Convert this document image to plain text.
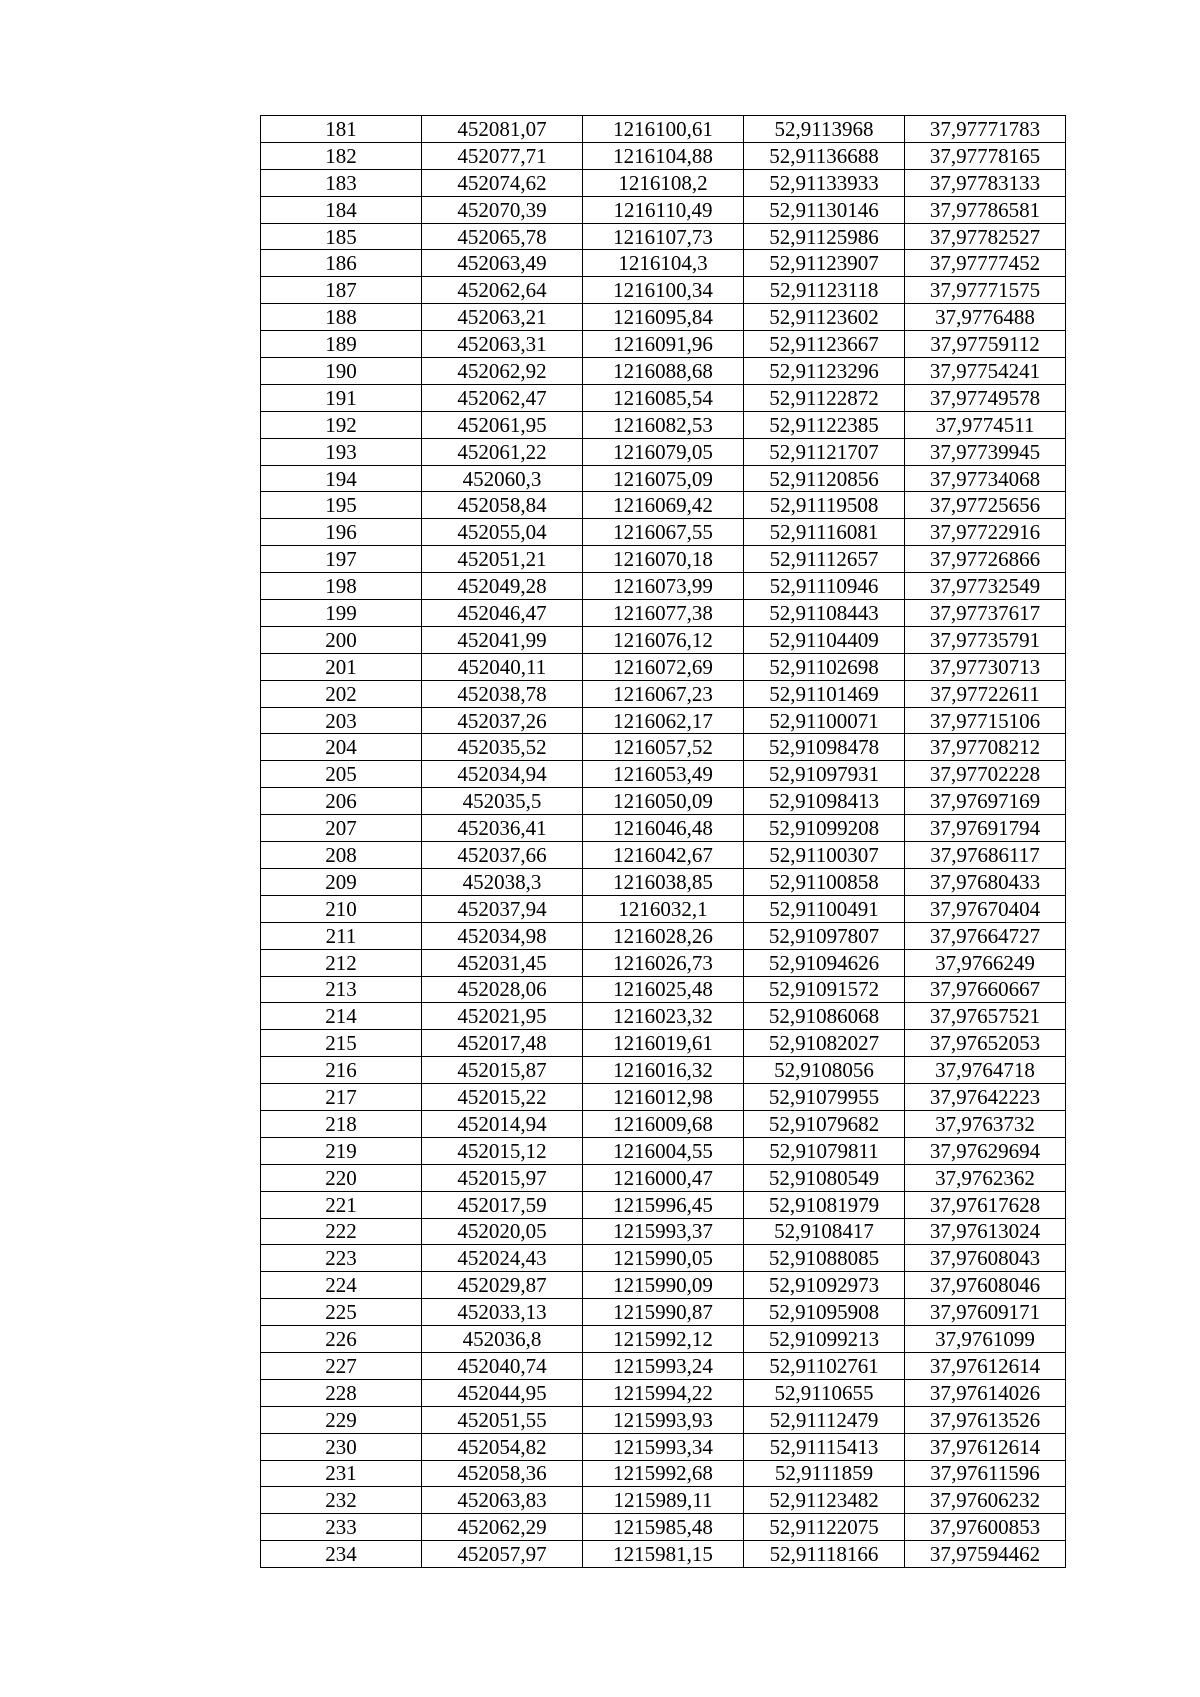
181	452081,07	1216100,61	52,9113968	37,97771783
182	452077,71	1216104,88	52,91136688	37,97778165
183	452074,62	1216108,2	52,91133933	37,97783133
184	452070,39	1216110,49	52,91130146	37,97786581
185	452065,78	1216107,73	52,91125986	37,97782527
186	452063,49	1216104,3	52,91123907	37,97777452
187	452062,64	1216100,34	52,91123118	37,97771575
188	452063,21	1216095,84	52,91123602	37,9776488
189	452063,31	1216091,96	52,91123667	37,97759112
190	452062,92	1216088,68	52,91123296	37,97754241
191	452062,47	1216085,54	52,91122872	37,97749578
192	452061,95	1216082,53	52,91122385	37,9774511
193	452061,22	1216079,05	52,91121707	37,97739945
194	452060,3	1216075,09	52,91120856	37,97734068
195	452058,84	1216069,42	52,91119508	37,97725656
196	452055,04	1216067,55	52,91116081	37,97722916
197	452051,21	1216070,18	52,91112657	37,97726866
198	452049,28	1216073,99	52,91110946	37,97732549
199	452046,47	1216077,38	52,91108443	37,97737617
200	452041,99	1216076,12	52,91104409	37,97735791
201	452040,11	1216072,69	52,91102698	37,97730713
202	452038,78	1216067,23	52,91101469	37,97722611
203	452037,26	1216062,17	52,91100071	37,97715106
204	452035,52	1216057,52	52,91098478	37,97708212
205	452034,94	1216053,49	52,91097931	37,97702228
206	452035,5	1216050,09	52,91098413	37,97697169
207	452036,41	1216046,48	52,91099208	37,97691794
208	452037,66	1216042,67	52,91100307	37,97686117
209	452038,3	1216038,85	52,91100858	37,97680433
210	452037,94	1216032,1	52,91100491	37,97670404
211	452034,98	1216028,26	52,91097807	37,97664727
212	452031,45	1216026,73	52,91094626	37,9766249
213	452028,06	1216025,48	52,91091572	37,97660667
214	452021,95	1216023,32	52,91086068	37,97657521
215	452017,48	1216019,61	52,91082027	37,97652053
216	452015,87	1216016,32	52,9108056	37,9764718
217	452015,22	1216012,98	52,91079955	37,97642223
218	452014,94	1216009,68	52,91079682	37,9763732
219	452015,12	1216004,55	52,91079811	37,97629694
220	452015,97	1216000,47	52,91080549	37,9762362
221	452017,59	1215996,45	52,91081979	37,97617628
222	452020,05	1215993,37	52,9108417	37,97613024
223	452024,43	1215990,05	52,91088085	37,97608043
224	452029,87	1215990,09	52,91092973	37,97608046
225	452033,13	1215990,87	52,91095908	37,97609171
226	452036,8	1215992,12	52,91099213	37,9761099
227	452040,74	1215993,24	52,91102761	37,97612614
228	452044,95	1215994,22	52,9110655	37,97614026
229	452051,55	1215993,93	52,91112479	37,97613526
230	452054,82	1215993,34	52,91115413	37,97612614
231	452058,36	1215992,68	52,9111859	37,97611596
232	452063,83	1215989,11	52,91123482	37,97606232
233	452062,29	1215985,48	52,91122075	37,97600853
234	452057,97	1215981,15	52,91118166	37,97594462
